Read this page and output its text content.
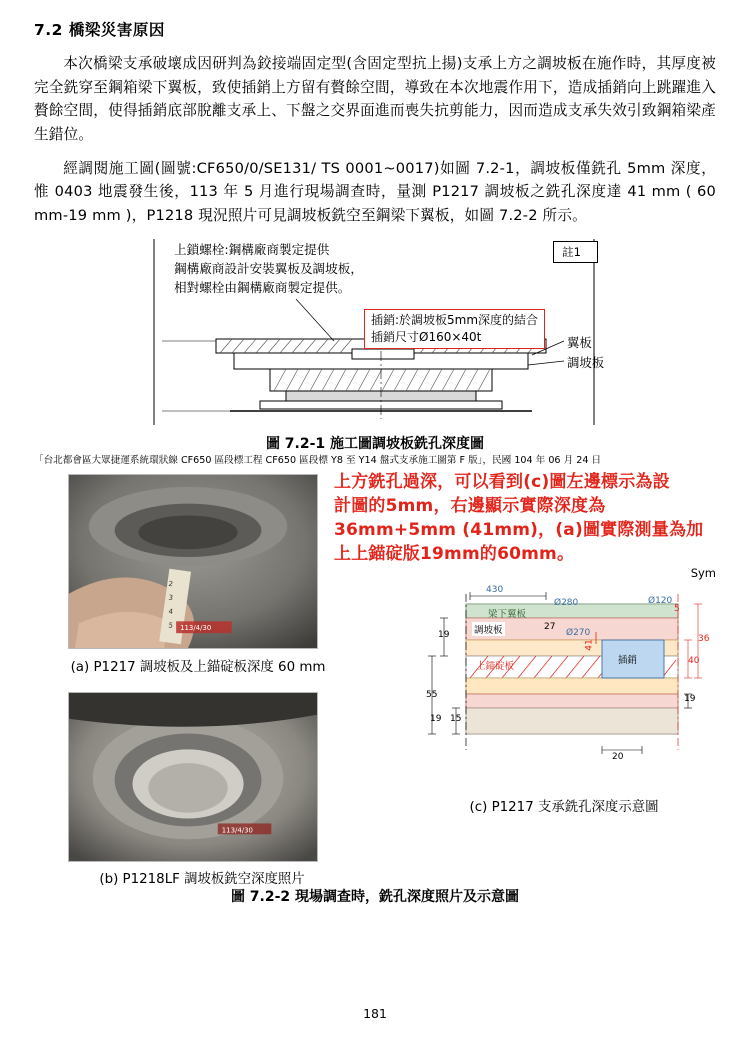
7.2 橋梁災害原因

本次橋梁支承破壞成因研判為鉸接端固定型(含固定型抗上揚)支承上方之調坡板在施作時，其厚度被完全銑穿至鋼箱梁下翼板，致使插銷上方留有贅餘空間，導致在本次地震作用下，造成插銷向上跳躍進入贅餘空間，使得插銷底部脫離支承上、下盤之交界面進而喪失抗剪能力，因而造成支承失效引致鋼箱梁產生錯位。

經調閱施工圖(圖號:CF650/0/SE131/ TS 0001~0017)如圖 7.2-1，調坡板僅銑孔 5mm 深度，惟 0403 地震發生後，113 年 5 月進行現場調查時，量測 P1217 調坡板之銑孔深度達 41 mm ( 60 mm-19 mm )，P1218 現況照片可見調坡板銑空至鋼梁下翼板，如圖 7.2-2 所示。

註1
上鎖螺栓:鋼構廠商製定提供
鋼構廠商設計安裝翼板及調坡板，
相對螺栓由鋼構廠商製定提供。
插銷:於調坡板5mm深度的結合
插銷尺寸Ø160×40t	翼板
調坡板
圖 7.2-1 施工圖調坡板銑孔深度圖
「台北都會區大眾捷運系統環狀線 CF650 區段標工程 CF650 區段標 Y8 至 Y14 盤式支承施工圖第 F 版」，民國 104 年 06 月 24 日
2
3
4
5 113/4/30
(a) P1217 調坡板及上錨碇板深度 60 mm
113/4/30
(b) P1218LF 調坡板銑空深度照片
上方銑孔過深，可以看到(c)圖左邊標示為設
計圖的5mm，右邊顯示實際深度為
36mm+5mm (41mm)，(a)圖實際測量為加
上上錨碇版19mm的60mm。
Sym
梁下翼板
調坡板
上錨碇板
插銷
430
Ø280
Ø270
Ø120
36
40
5
27
19
55
15
19
19
20
41
(c) P1217 支承銑孔深度示意圖
圖 7.2-2 現場調查時，銑孔深度照片及示意圖
181
